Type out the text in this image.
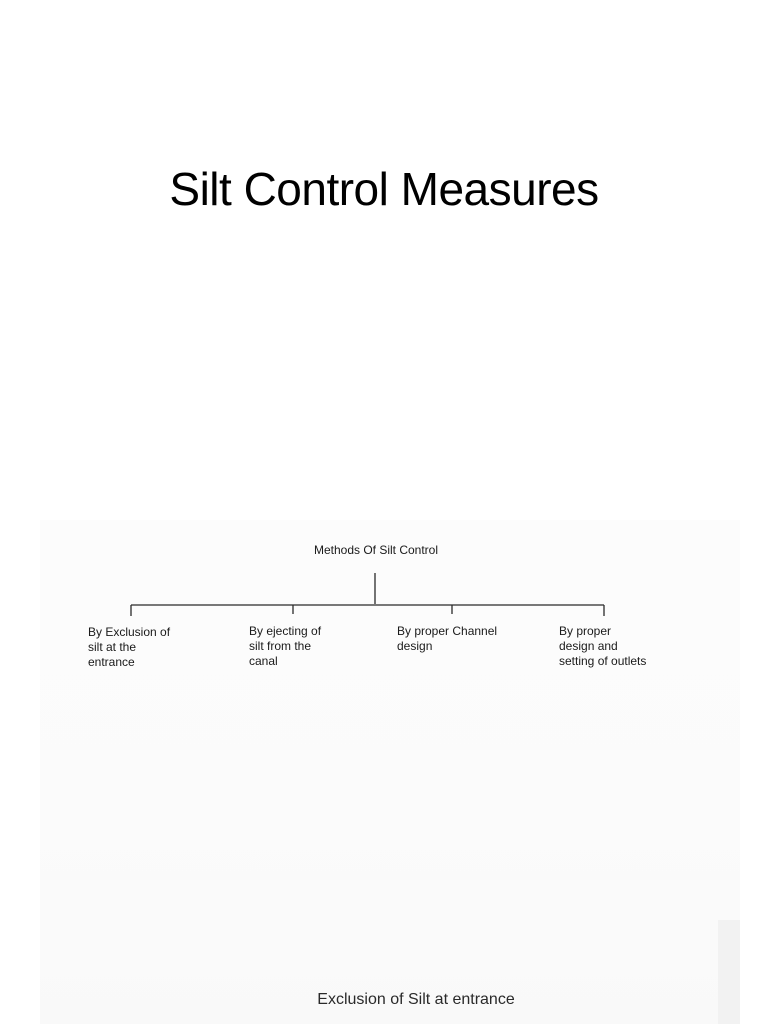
Silt Control Measures
Methods Of Silt Control
By Exclusion of
silt at the
entrance
By ejecting of
silt from the
canal
By proper Channel
design
By proper
design and
setting of outlets
Exclusion of Silt at entrance
